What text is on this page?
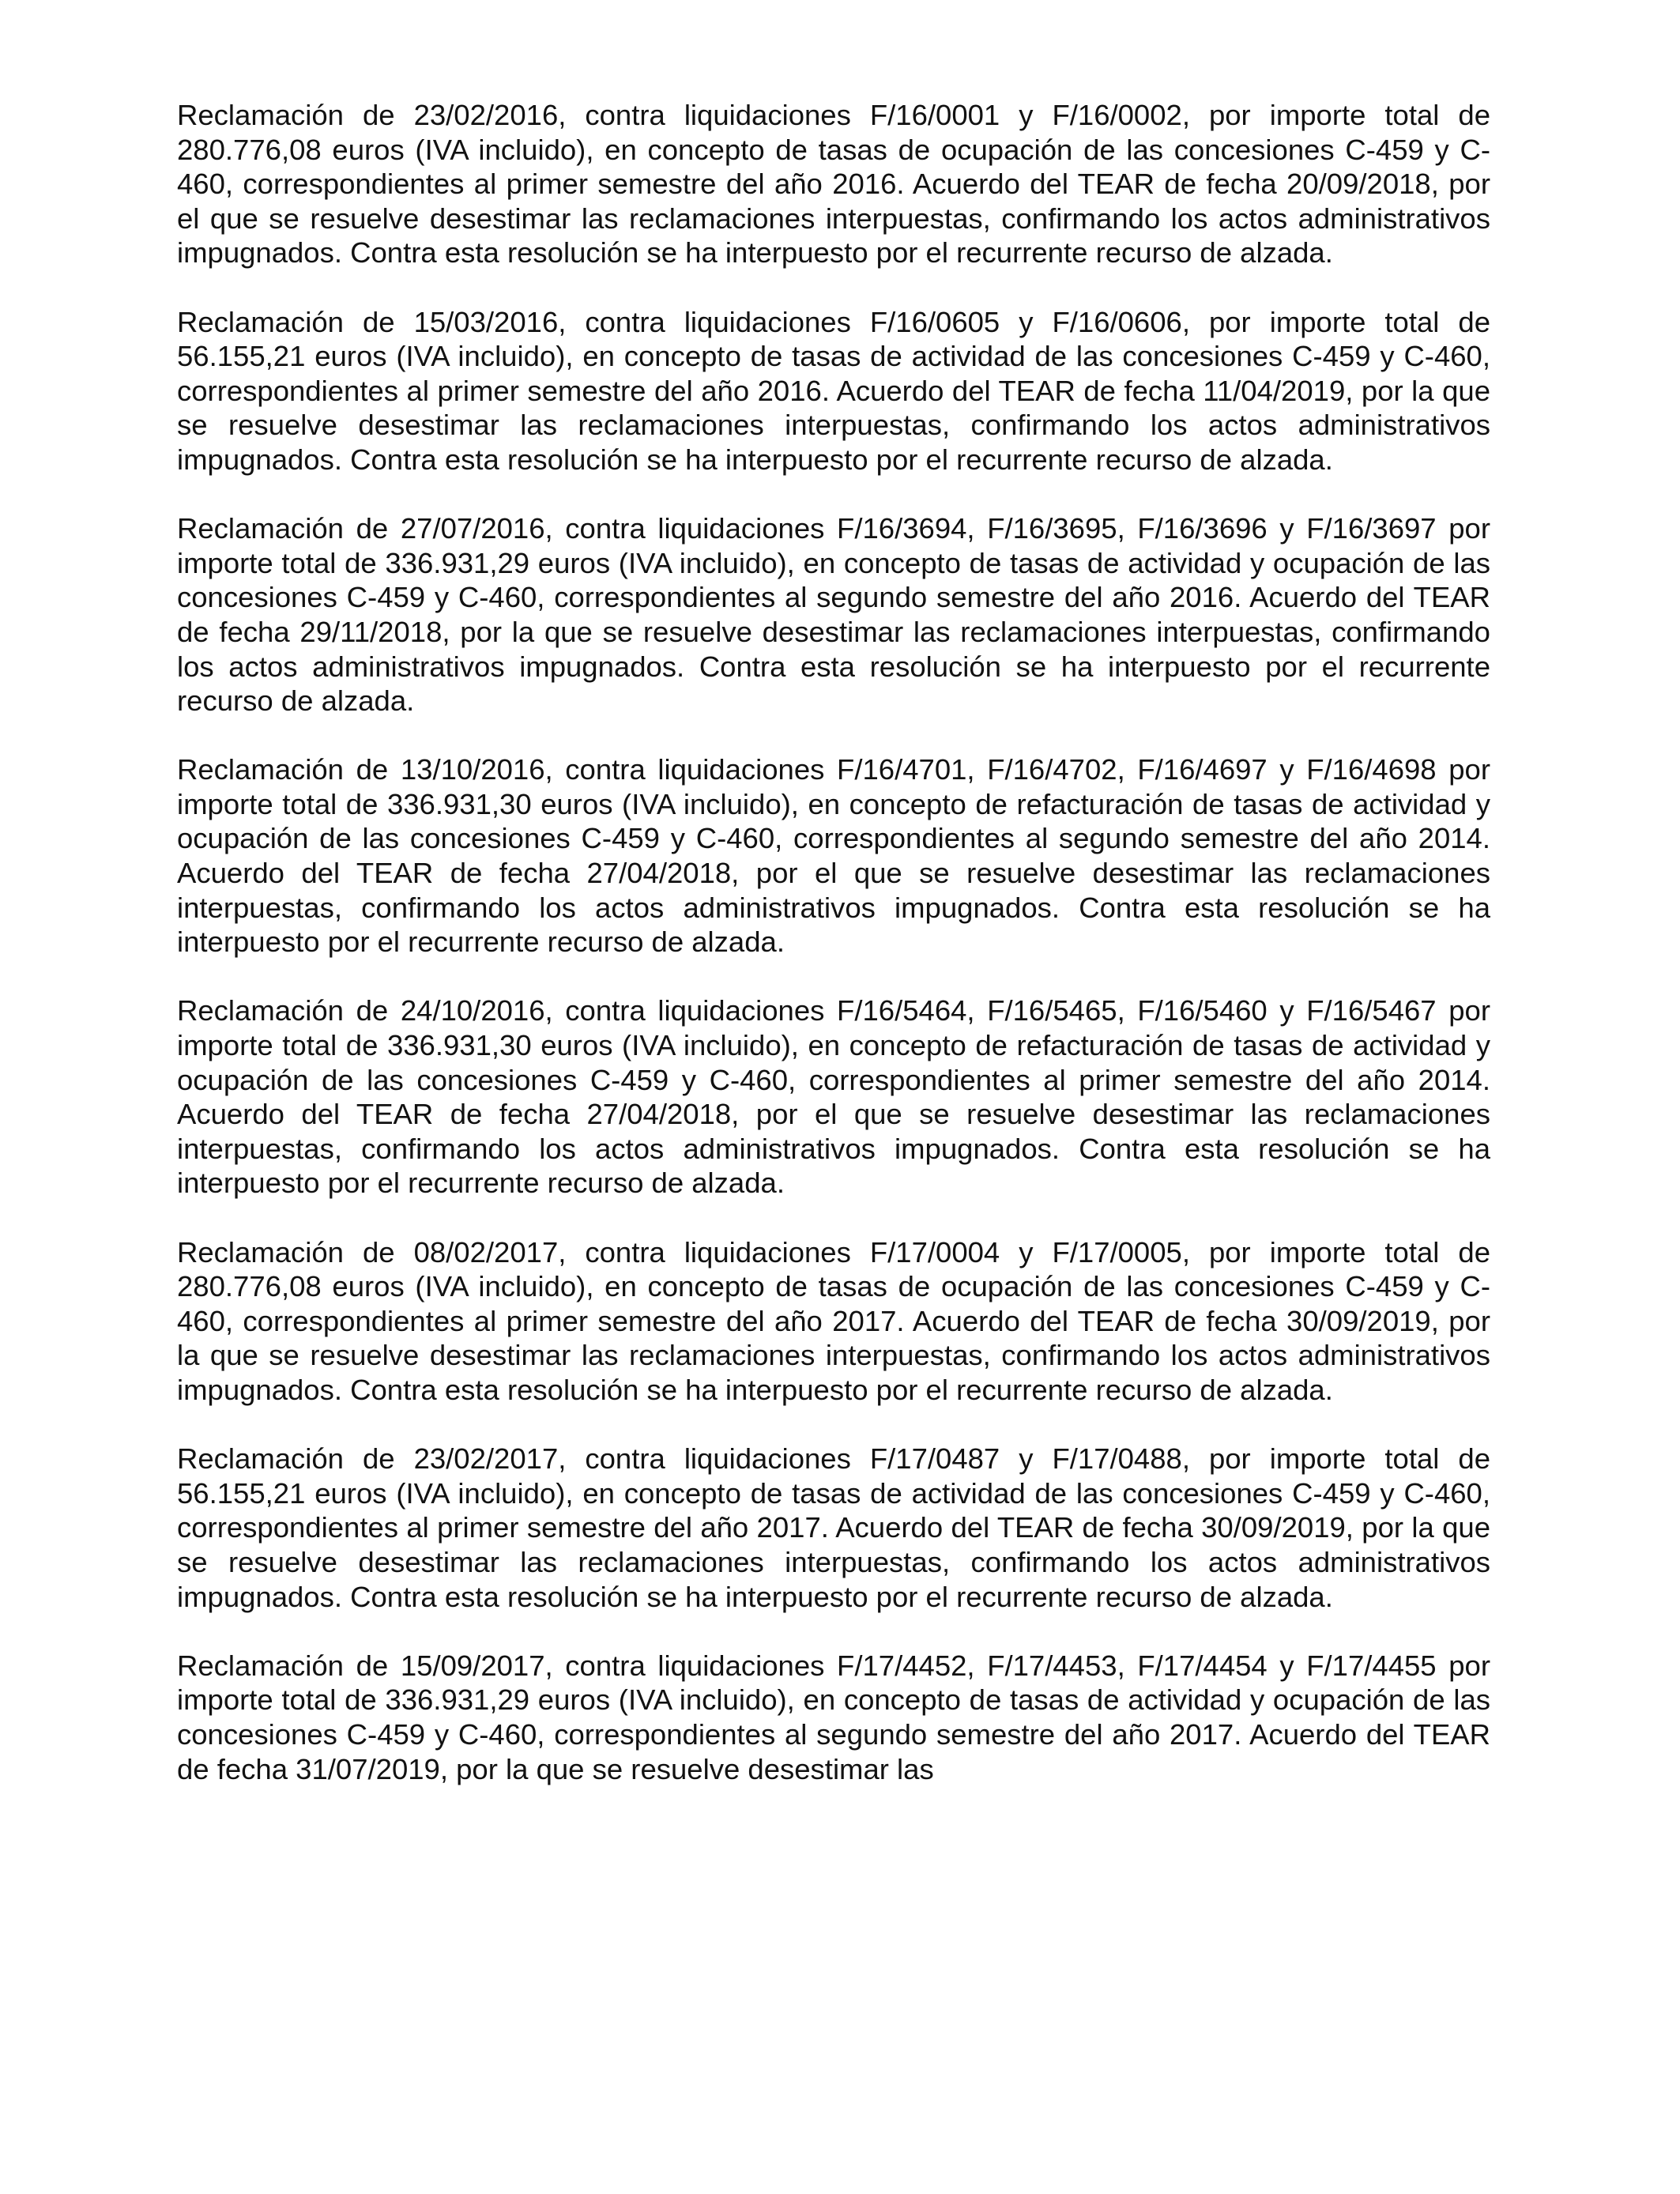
Reclamación de 23/02/2016, contra liquidaciones F/16/0001 y F/16/0002, por importe total de 280.776,08 euros (IVA incluido), en concepto de tasas de ocupación de las concesiones C-459 y C-460, correspondientes al primer semestre del año 2016. Acuerdo del TEAR de fecha 20/09/2018, por el que se resuelve desestimar las reclamaciones interpuestas, confirmando los actos administrativos impugnados. Contra esta resolución se ha interpuesto por el recurrente recurso de alzada.

Reclamación de 15/03/2016, contra liquidaciones F/16/0605 y F/16/0606, por importe total de 56.155,21 euros (IVA incluido), en concepto de tasas de actividad de las concesiones C-459 y C-460, correspondientes al primer semestre del año 2016. Acuerdo del TEAR de fecha 11/04/2019, por la que se resuelve desestimar las reclamaciones interpuestas, confirmando los actos administrativos impugnados. Contra esta resolución se ha interpuesto por el recurrente recurso de alzada.

Reclamación de 27/07/2016, contra liquidaciones F/16/3694, F/16/3695, F/16/3696 y F/16/3697 por importe total de 336.931,29 euros (IVA incluido), en concepto de tasas de actividad y ocupación de las concesiones C-459 y C-460, correspondientes al segundo semestre del año 2016. Acuerdo del TEAR de fecha 29/11/2018, por la que se resuelve desestimar las reclamaciones interpuestas, confirmando los actos administrativos impugnados. Contra esta resolución se ha interpuesto por el recurrente recurso de alzada.

Reclamación de 13/10/2016, contra liquidaciones F/16/4701, F/16/4702, F/16/4697 y F/16/4698 por importe total de 336.931,30 euros (IVA incluido), en concepto de refacturación de tasas de actividad y ocupación de las concesiones C-459 y C-460, correspondientes al segundo semestre del año 2014. Acuerdo del TEAR de fecha 27/04/2018, por el que se resuelve desestimar las reclamaciones interpuestas, confirmando los actos administrativos impugnados. Contra esta resolución se ha interpuesto por el recurrente recurso de alzada.

Reclamación de 24/10/2016, contra liquidaciones F/16/5464, F/16/5465, F/16/5460 y F/16/5467 por importe total de 336.931,30 euros (IVA incluido), en concepto de refacturación de tasas de actividad y ocupación de las concesiones C-459 y C-460, correspondientes al primer semestre del año 2014. Acuerdo del TEAR de fecha 27/04/2018, por el que se resuelve desestimar las reclamaciones interpuestas, confirmando los actos administrativos impugnados. Contra esta resolución se ha interpuesto por el recurrente recurso de alzada.

Reclamación de 08/02/2017, contra liquidaciones F/17/0004 y F/17/0005, por importe total de 280.776,08 euros (IVA incluido), en concepto de tasas de ocupación de las concesiones C-459 y C-460, correspondientes al primer semestre del año 2017. Acuerdo del TEAR de fecha 30/09/2019, por la que se resuelve desestimar las reclamaciones interpuestas, confirmando los actos administrativos impugnados. Contra esta resolución se ha interpuesto por el recurrente recurso de alzada.

Reclamación de 23/02/2017, contra liquidaciones F/17/0487 y F/17/0488, por importe total de 56.155,21 euros (IVA incluido), en concepto de tasas de actividad de las concesiones C-459 y C-460, correspondientes al primer semestre del año 2017. Acuerdo del TEAR de fecha 30/09/2019, por la que se resuelve desestimar las reclamaciones interpuestas, confirmando los actos administrativos impugnados. Contra esta resolución se ha interpuesto por el recurrente recurso de alzada.

Reclamación de 15/09/2017, contra liquidaciones F/17/4452, F/17/4453, F/17/4454 y F/17/4455 por importe total de 336.931,29 euros (IVA incluido), en concepto de tasas de actividad y ocupación de las concesiones C-459 y C-460, correspondientes al segundo semestre del año 2017. Acuerdo del TEAR de fecha 31/07/2019, por la que se resuelve desestimar las
